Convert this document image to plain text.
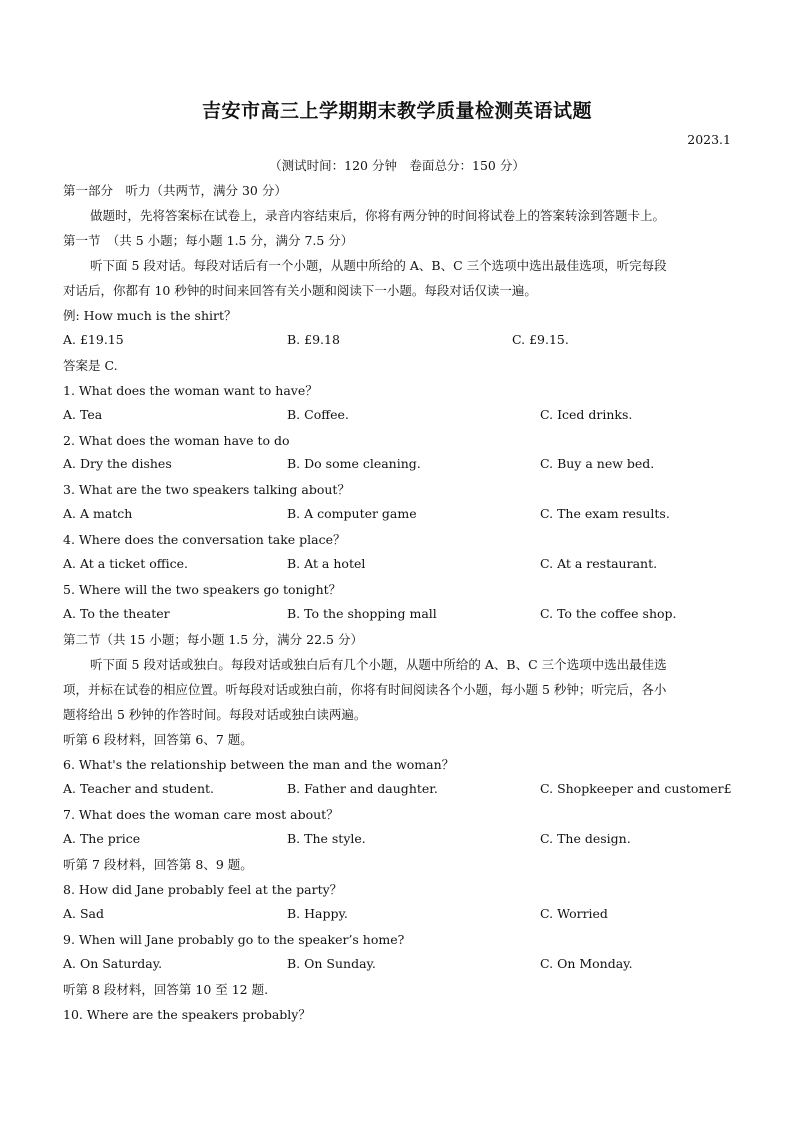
吉安市高三上学期期末教学质量检测英语试题
2023.1
（测试时间：120 分钟　卷面总分：150 分）
第一部分　听力（共两节，满分 30 分）
做题时，先将答案标在试卷上，录音内容结束后，你将有两分钟的时间将试卷上的答案转涂到答题卡上。
第一节　（共 5 小题；每小题 1.5 分，满分 7.5 分）
听下面 5 段对话。每段对话后有一个小题，从题中所给的 A、B、C 三个选项中选出最佳选项，听完每段
对话后，你都有 10 秒钟的时间来回答有关小题和阅读下一小题。每段对话仅读一遍。
例: How much is the shirt？
A. £19.15	B. £9.18	C. £9.15.
答案是 C.
1. What does the woman want to have？
A. Tea	B. Coffee.	C. Iced drinks.
2. What does the woman have to do
A. Dry the dishes	B. Do some cleaning.	C. Buy a new bed.
3. What are the two speakers talking about？
A. A match	B. A computer game	C. The exam results.
4. Where does the conversation take place？
A. At a ticket office.	B. At a hotel	C. At a restaurant.
5. Where will the two speakers go tonight？
A. To the theater	B. To the shopping mall	C. To the coffee shop.
第二节（共 15 小题；每小题 1.5 分，满分 22.5 分）
听下面 5 段对话或独白。每段对话或独白后有几个小题，从题中所给的 A、B、C 三个选项中选出最佳选
项，并标在试卷的相应位置。听每段对话或独白前，你将有时间阅读各个小题，每小题 5 秒钟；听完后，各小
题将给出 5 秒钟的作答时间。每段对话或独白读两遍。
听第 6 段材料，回答第 6、7 题。
6. What's the relationship between the man and the woman？
A. Teacher and student.	B. Father and daughter.	C. Shopkeeper and customer£
7. What does the woman care most about？
A. The price	B. The style.	C. The design.
听第 7 段材料，回答第 8、9 题。
8. How did Jane probably feel at the party？
A. Sad	B. Happy.	C. Worried
9. When will Jane probably go to the speaker’s home?
A. On Saturday.	B. On Sunday.	C. On Monday.
听第 8 段材料，回答第 10 至 12 题.
10. Where are the speakers probably？
